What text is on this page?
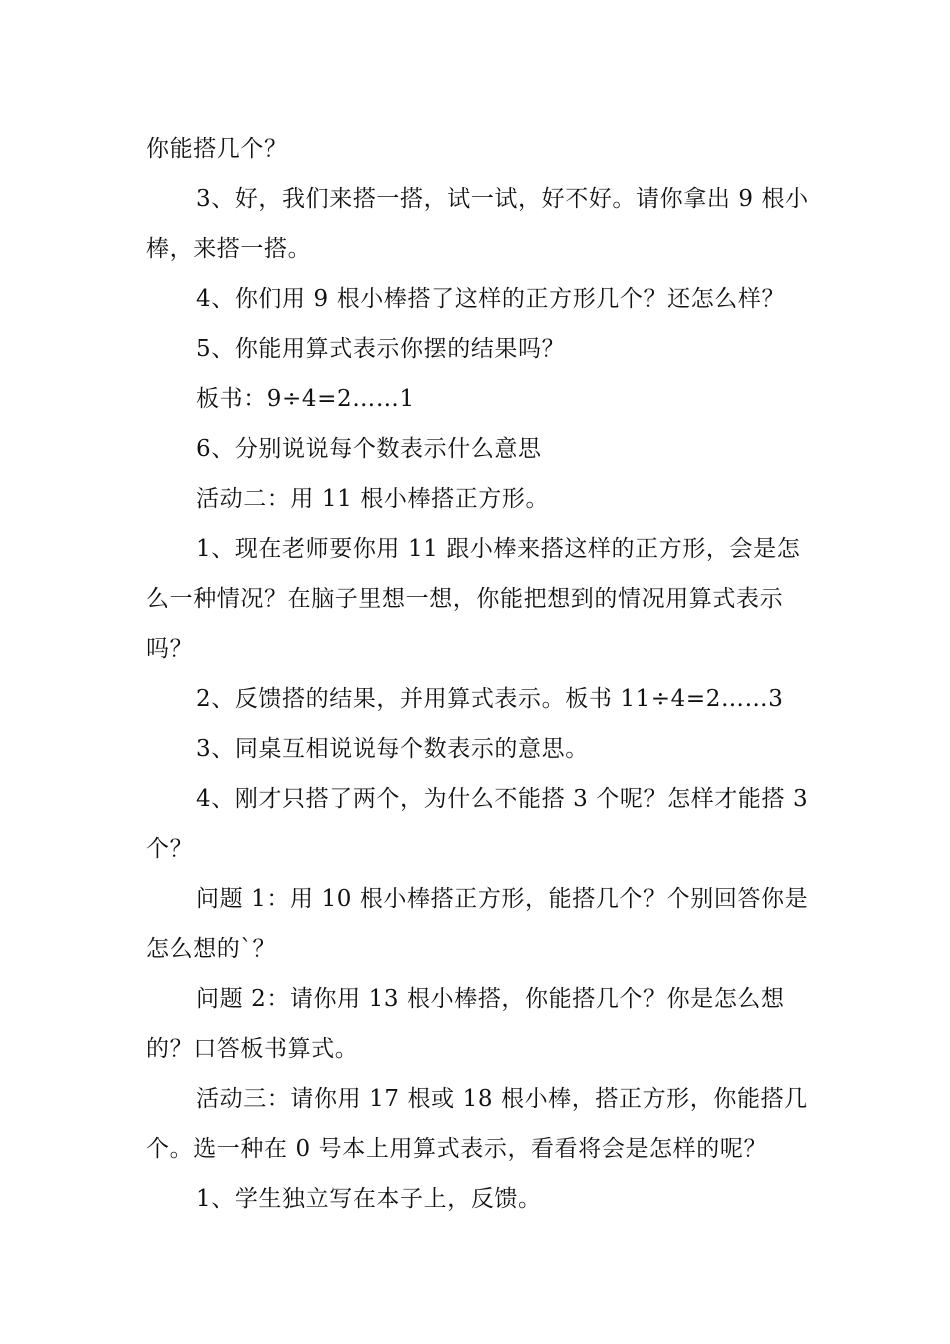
你能搭几个？

3、好，我们来搭一搭，试一试，好不好。请你拿出 9 根小棒，来搭一搭。

4、你们用 9 根小棒搭了这样的正方形几个？还怎么样？

5、你能用算式表示你摆的结果吗？

板书：9÷4=2……1

6、分别说说每个数表示什么意思

活动二：用 11 根小棒搭正方形。

1、现在老师要你用 11 跟小棒来搭这样的正方形，会是怎么一种情况？在脑子里想一想，你能把想到的情况用算式表示吗？

2、反馈搭的结果，并用算式表示。板书 11÷4=2……3

3、同桌互相说说每个数表示的意思。

4、刚才只搭了两个，为什么不能搭 3 个呢？怎样才能搭 3 个？

问题 1：用 10 根小棒搭正方形，能搭几个？个别回答你是怎么想的`？

问题 2：请你用 13 根小棒搭，你能搭几个？你是怎么想的？口答板书算式。

活动三：请你用 17 根或 18 根小棒，搭正方形，你能搭几个。选一种在 0 号本上用算式表示，看看将会是怎样的呢？

1、学生独立写在本子上，反馈。
